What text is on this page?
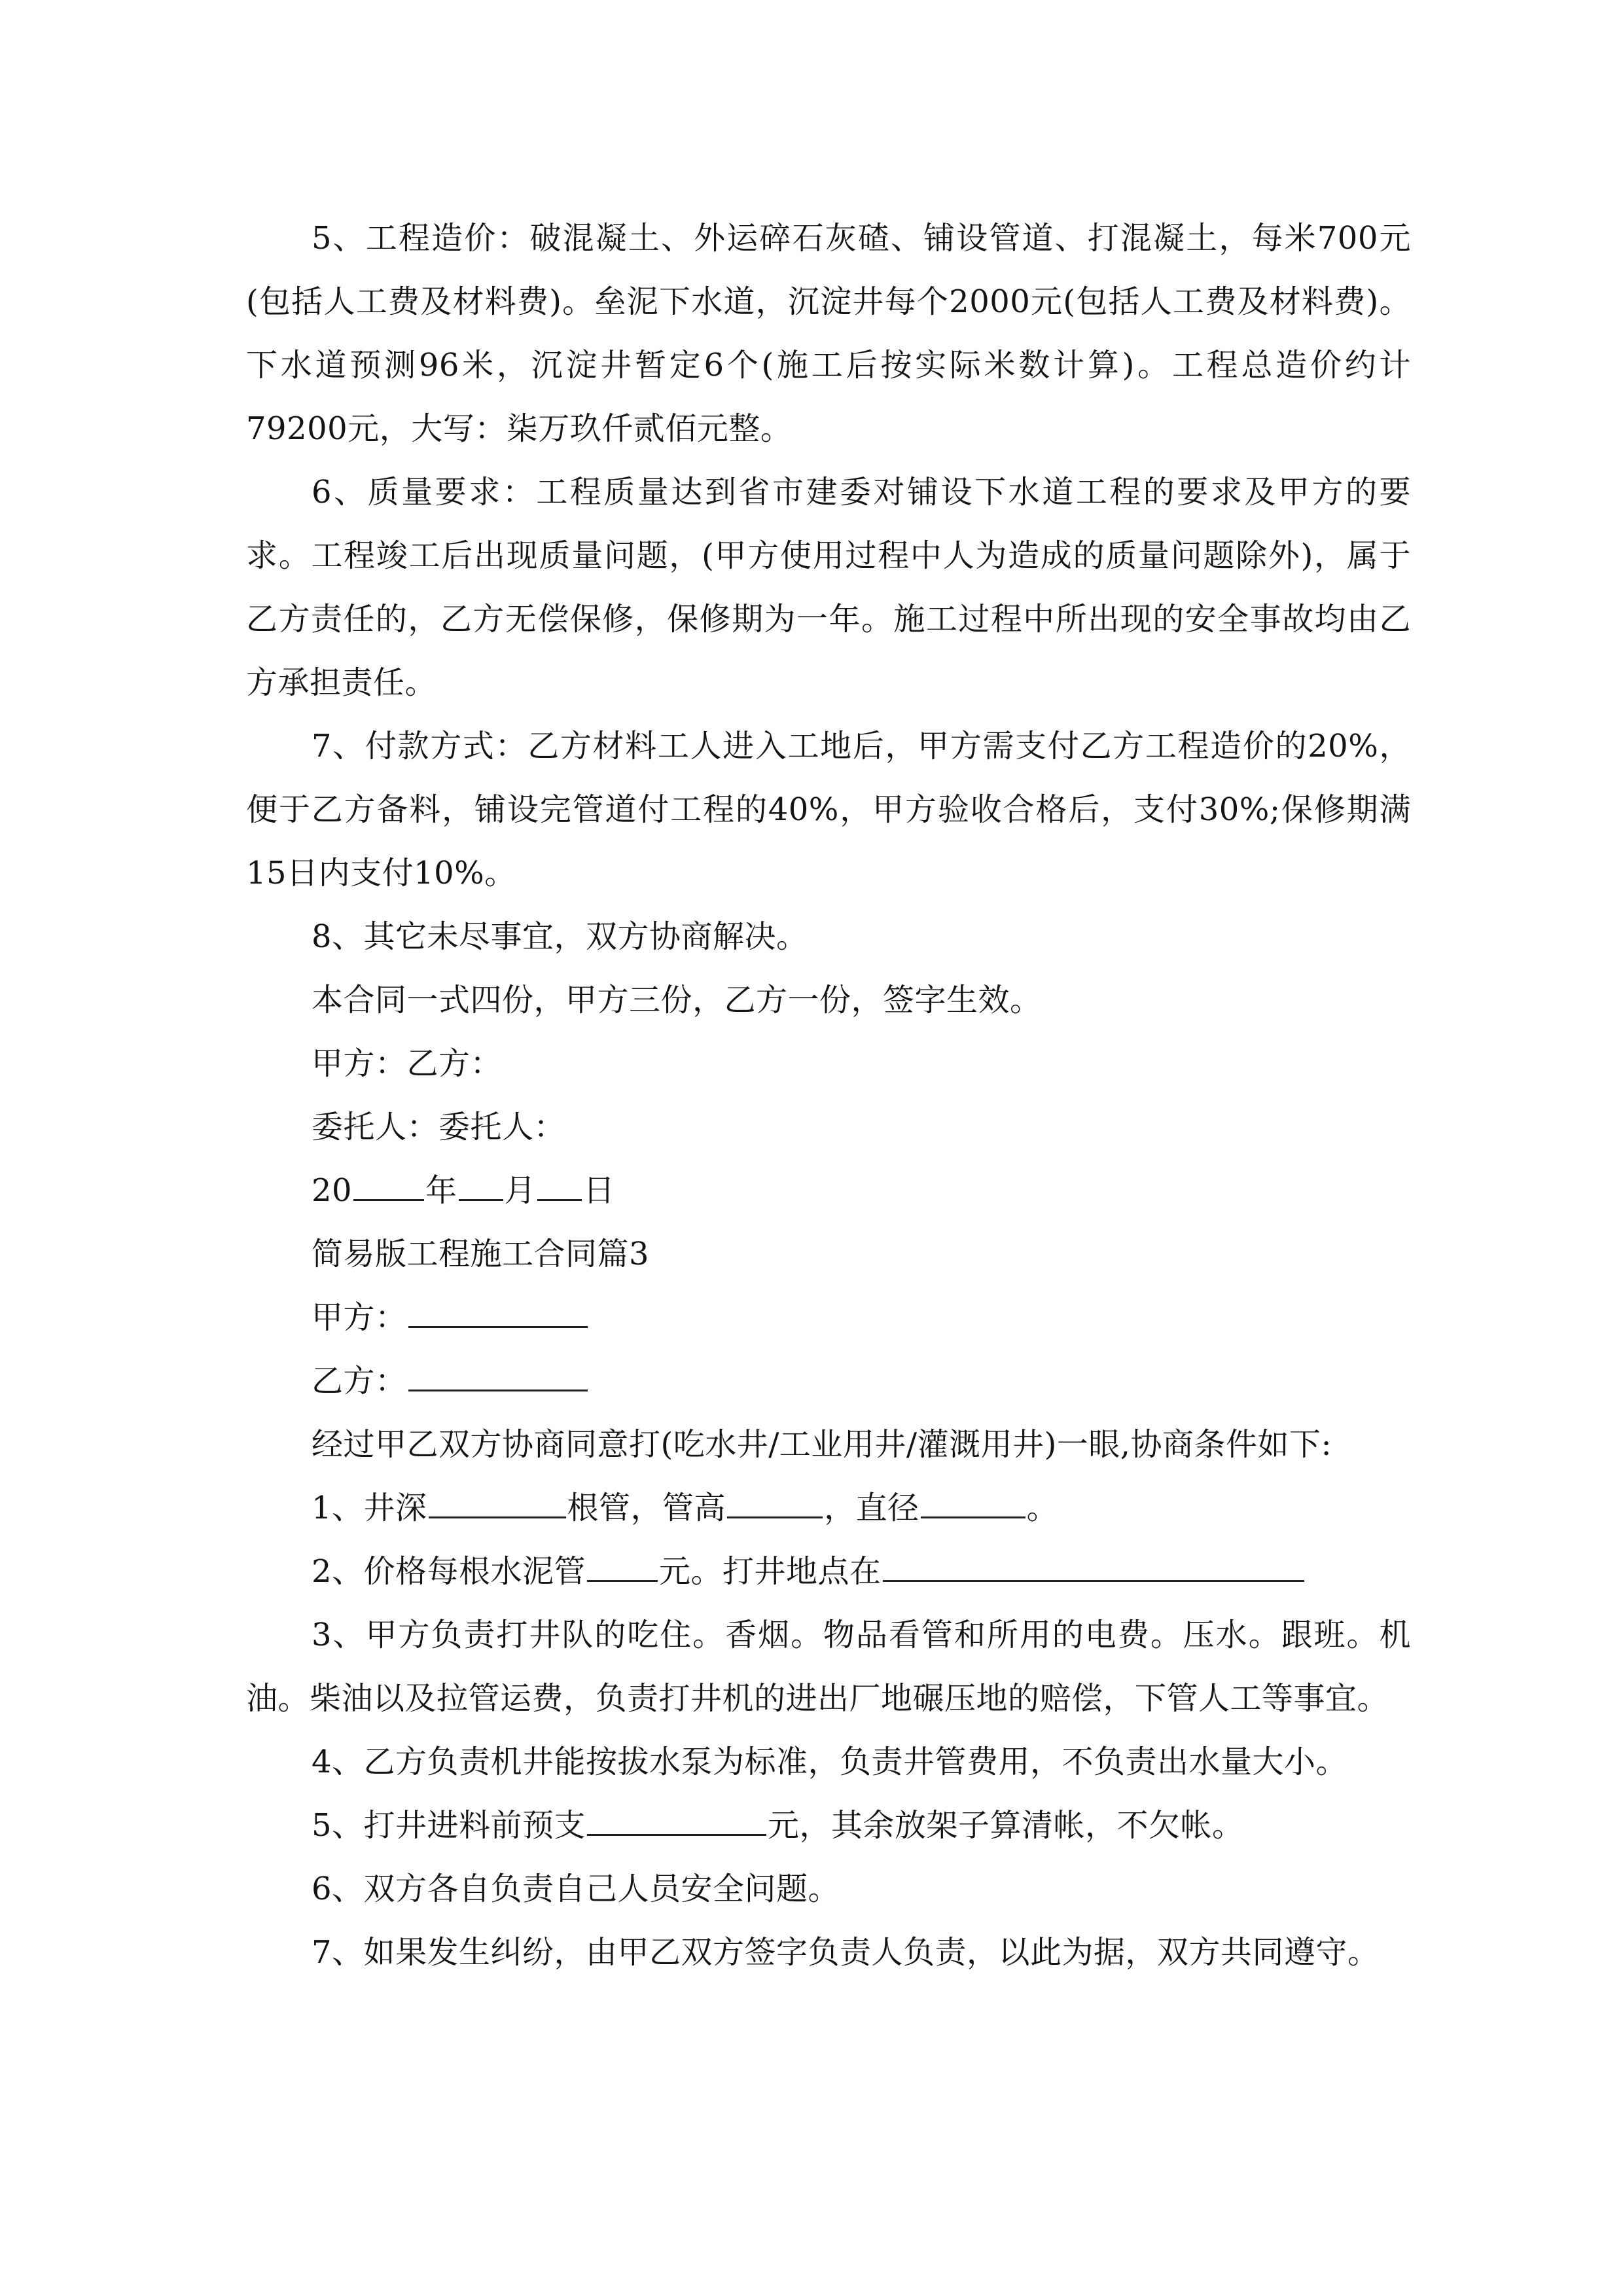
5、工程造价：破混凝土、外运碎石灰碴、铺设管道、打混凝土，每米700元(包括人工费及材料费)。垒泥下水道，沉淀井每个2000元(包括人工费及材料费)。下水道预测96米，沉淀井暂定6个(施工后按实际米数计算)。工程总造价约计79200元，大写：柒万玖仟贰佰元整。

6、质量要求：工程质量达到省市建委对铺设下水道工程的要求及甲方的要求。工程竣工后出现质量问题，(甲方使用过程中人为造成的质量问题除外)，属于乙方责任的，乙方无偿保修，保修期为一年。施工过程中所出现的安全事故均由乙方承担责任。

7、付款方式：乙方材料工人进入工地后，甲方需支付乙方工程造价的20%，便于乙方备料，铺设完管道付工程的40%，甲方验收合格后，支付30%;保修期满15日内支付10%。

8、其它未尽事宜，双方协商解决。

本合同一式四份，甲方三份，乙方一份，签字生效。

甲方：乙方：

委托人：委托人：

20 年 月 日

简易版工程施工合同篇3

甲方：

乙方：

经过甲乙双方协商同意打(吃水井/工业用井/灌溉用井)一眼,协商条件如下:

1、井深	根管，管高	，直径	。

2、价格每根水泥管 元。打井地点在

3、甲方负责打井队的吃住。香烟。物品看管和所用的电费。压水。跟班。机油。柴油以及拉管运费，负责打井机的进出厂地碾压地的赔偿，下管人工等事宜。

4、乙方负责机井能按拔水泵为标准，负责井管费用，不负责出水量大小。

5、打井进料前预支	元，其余放架子算清帐，不欠帐。

6、双方各自负责自己人员安全问题。

7、如果发生纠纷，由甲乙双方签字负责人负责，以此为据，双方共同遵守。
